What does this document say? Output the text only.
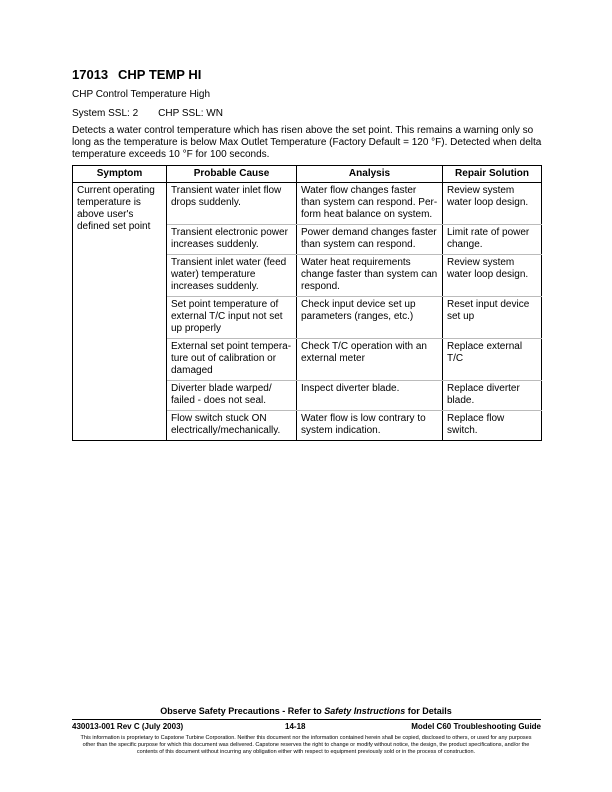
17013 CHP TEMP HI
CHP Control Temperature High
System SSL: 2 CHP SSL: WN
Detects a water control temperature which has risen above the set point. This remains a warning only so long as the temperature is below Max Outlet Temperature (Factory Default = 120 °F). Detected when delta temperature exceeds 10 °F for 100 seconds.
Symptom	Probable Cause	Analysis	Repair Solution
Current operating temperature is above user's defined set point	Transient water inlet flow drops suddenly.	Water flow changes faster than system can respond. Per-form heat balance on system.	Review system water loop design.
	Transient electronic power increases suddenly.	Power demand changes faster than system can respond.	Limit rate of power change.
	Transient inlet water (feed water) temperature increases suddenly.	Water heat requirements change faster than system can respond.	Review system water loop design.
	Set point temperature of external T/C input not set up properly	Check input device set up parameters (ranges, etc.)	Reset input device set up
	External set point tempera-ture out of calibration or damaged	Check T/C operation with an external meter	Replace external T/C
	Diverter blade warped/ failed - does not seal.	Inspect diverter blade.	Replace diverter blade.
	Flow switch stuck ON electrically/mechanically.	Water flow is low contrary to system indication.	Replace flow switch.
Observe Safety Precautions - Refer to Safety Instructions for Details
430013-001 Rev C (July 2003)	14-18	Model C60 Troubleshooting Guide
This information is proprietary to Capstone Turbine Corporation. Neither this document nor the information contained herein shall be copied, disclosed to others, or used for any purposes other than the specific purpose for which this document was delivered. Capstone reserves the right to change or modify without notice, the design, the product specifications, and/or the contents of this document without incurring any obligation either with respect to equipment previously sold or in the process of construction.
